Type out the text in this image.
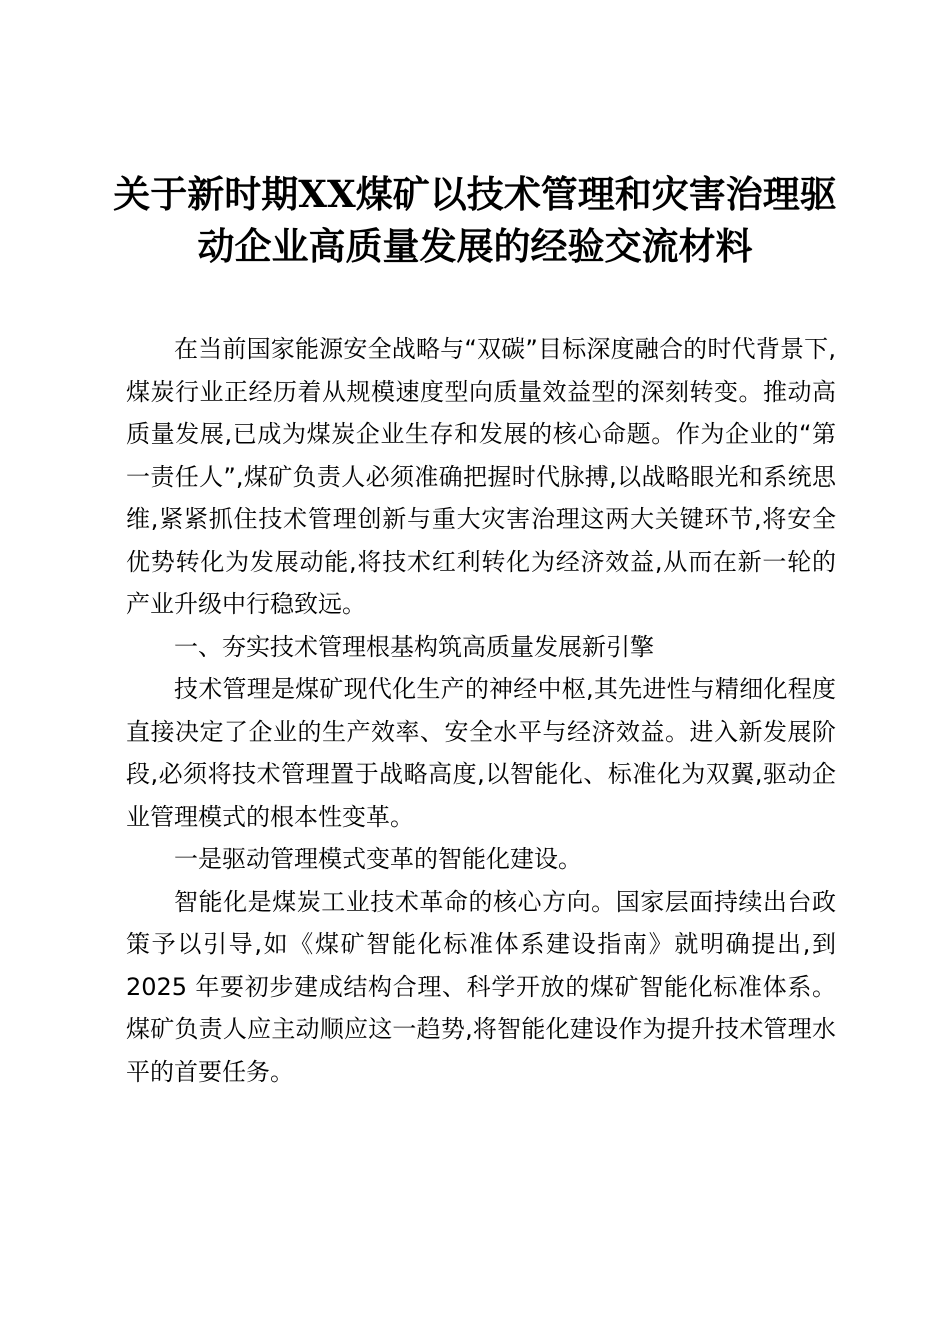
关于新时期XX煤矿以技术管理和灾害治理驱动企业高质量发展的经验交流材料

在当前国家能源安全战略与“双碳”目标深度融合的时代背景下,煤炭行业正经历着从规模速度型向质量效益型的深刻转变。推动高质量发展,已成为煤炭企业生存和发展的核心命题。作为企业的“第一责任人”,煤矿负责人必须准确把握时代脉搏,以战略眼光和系统思维,紧紧抓住技术管理创新与重大灾害治理这两大关键环节,将安全优势转化为发展动能,将技术红利转化为经济效益,从而在新一轮的产业升级中行稳致远。

一、夯实技术管理根基构筑高质量发展新引擎

技术管理是煤矿现代化生产的神经中枢,其先进性与精细化程度直接决定了企业的生产效率、安全水平与经济效益。进入新发展阶段,必须将技术管理置于战略高度,以智能化、标准化为双翼,驱动企业管理模式的根本性变革。

一是驱动管理模式变革的智能化建设。

智能化是煤炭工业技术革命的核心方向。国家层面持续出台政策予以引导,如《煤矿智能化标准体系建设指南》就明确提出,到 2025 年要初步建成结构合理、科学开放的煤矿智能化标准体系。煤矿负责人应主动顺应这一趋势,将智能化建设作为提升技术管理水平的首要任务。
